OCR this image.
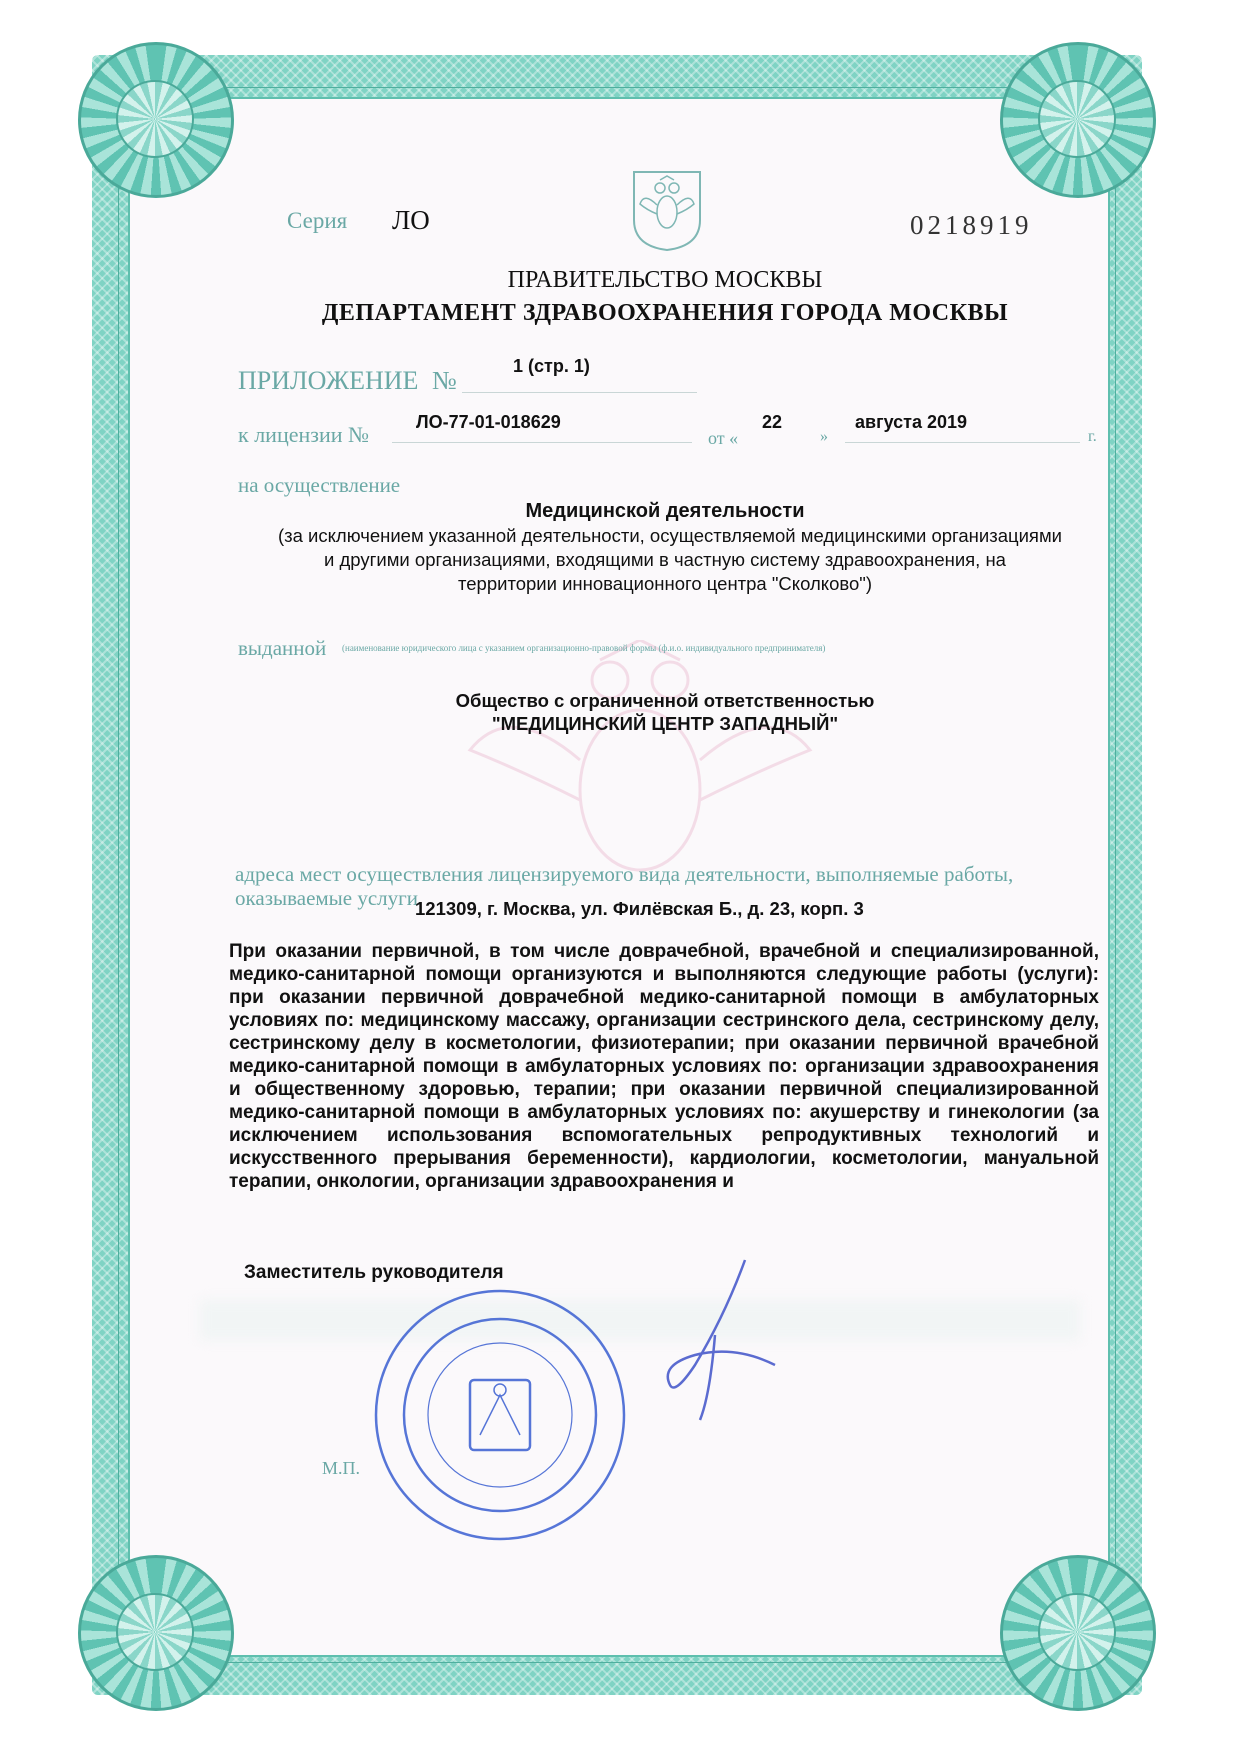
Серия ЛО	0218919
ПРАВИТЕЛЬСТВО МОСКВЫ
ДЕПАРТАМЕНТ ЗДРАВООХРАНЕНИЯ ГОРОДА МОСКВЫ
ПРИЛОЖЕНИЕ №	1 (стр. 1)
к лицензии №	ЛО-77-01-018629
от «
22
»
августа 2019
г.
на осуществление
Медицинской деятельности
(за исключением указанной деятельности, осуществляемой медицинскими организациями
и другими организациями, входящими в частную систему здравоохранения, на
территории инновационного центра "Сколково")
выданной (наименование юридического лица с указанием организационно-правовой формы (ф.и.о. индивидуального предпринимателя)
Общество с ограниченной ответственностью
"МЕДИЦИНСКИЙ ЦЕНТР ЗАПАДНЫЙ"
адреса мест осуществления лицензируемого вида деятельности, выполняемые работы,
оказываемые услуги
121309, г. Москва, ул. Филёвская Б., д. 23, корп. 3
При оказании первичной, в том числе доврачебной, врачебной и специализированной, медико-санитарной помощи организуются и выполняются следующие работы (услуги): при оказании первичной доврачебной медико-санитарной помощи в амбулаторных условиях по: медицинскому массажу, организации сестринского дела, сестринскому делу, сестринскому делу в косметологии, физиотерапии; при оказании первичной врачебной медико-санитарной помощи в амбулаторных условиях по: организации здравоохранения и общественному здоровью, терапии; при оказании первичной специализированной медико-санитарной помощи в амбулаторных условиях по: акушерству и гинекологии (за исключением использования вспомогательных репродуктивных технологий и искусственного прерывания беременности), кардиологии, косметологии, мануальной терапии, онкологии, организации здравоохранения и
Заместитель руководителя
М.П.
